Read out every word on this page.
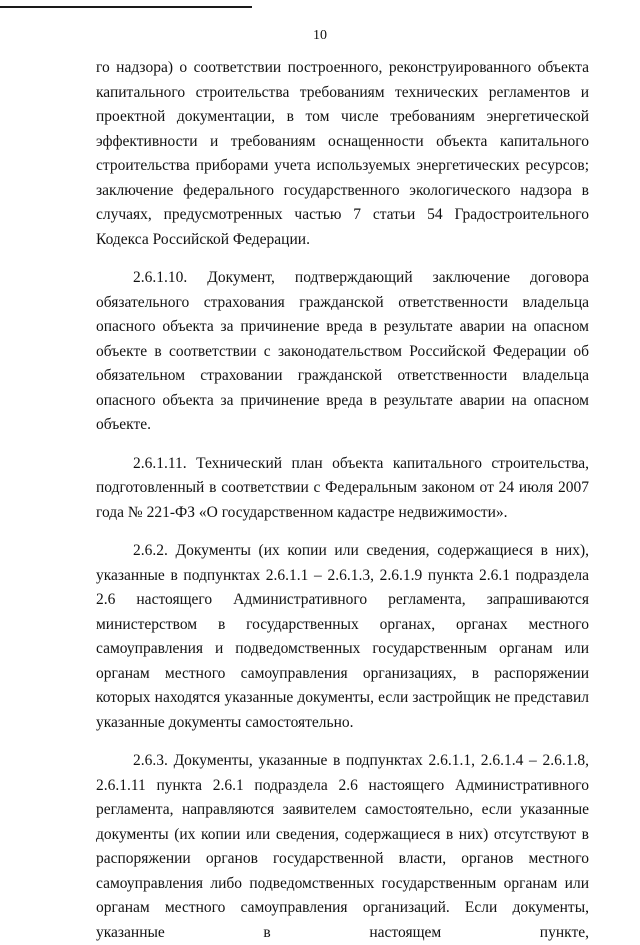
10

го надзора) о соответствии построенного, реконструированного объекта капитального строительства требованиям технических регламентов и проектной документации, в том числе требованиям энергетической эффективности и требованиям оснащенности объекта капитального строительства приборами учета используемых энергетических ресурсов; заключение федерального государственного экологического надзора в случаях, предусмотренных частью 7 статьи 54 Градостроительного Кодекса Российской Федерации.

2.6.1.10. Документ, подтверждающий заключение договора обязательного страхования гражданской ответственности владельца опасного объекта за причинение вреда в результате аварии на опасном объекте в соответствии с законодательством Российской Федерации об обязательном страховании гражданской ответственности владельца опасного объекта за причинение вреда в результате аварии на опасном объекте.

2.6.1.11. Технический план объекта капитального строительства, подготовленный в соответствии с Федеральным законом от 24 июля 2007 года № 221-ФЗ «О государственном кадастре недвижимости».

2.6.2. Документы (их копии или сведения, содержащиеся в них), указанные в подпунктах 2.6.1.1 – 2.6.1.3, 2.6.1.9 пункта 2.6.1 подраздела 2.6 настоящего Административного регламента, запрашиваются министерством в государственных органах, органах местного самоуправления и подведомственных государственным органам или органам местного самоуправления организациях, в распоряжении которых находятся указанные документы, если застройщик не представил указанные документы самостоятельно.

2.6.3. Документы, указанные в подпунктах 2.6.1.1, 2.6.1.4 – 2.6.1.8, 2.6.1.11 пункта 2.6.1 подраздела 2.6 настоящего Административного регламента, направляются заявителем самостоятельно, если указанные документы (их копии или сведения, содержащиеся в них) отсутствуют в распоряжении органов государственной власти, органов местного самоуправления либо подведомственных государственным органам или органам местного самоуправления организаций. Если документы, указанные в настоящем пункте,
